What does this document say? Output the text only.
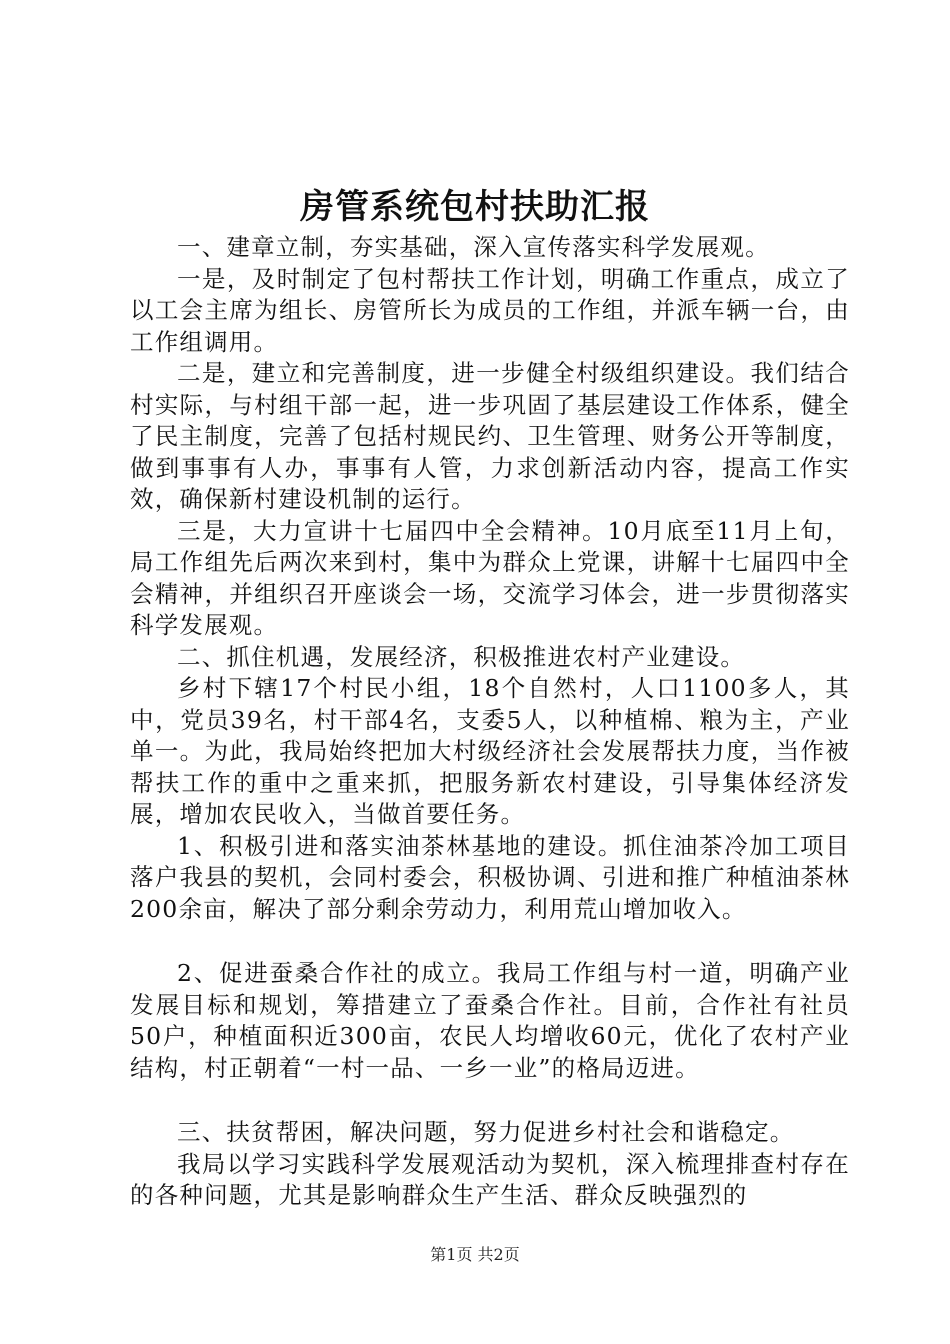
房管系统包村扶助汇报

一、建章立制，夯实基础，深入宣传落实科学发展观。

一是，及时制定了包村帮扶工作计划，明确工作重点，成立了以工会主席为组长、房管所长为成员的工作组，并派车辆一台，由工作组调用。

二是，建立和完善制度，进一步健全村级组织建设。我们结合村实际，与村组干部一起，进一步巩固了基层建设工作体系，健全了民主制度，完善了包括村规民约、卫生管理、财务公开等制度，做到事事有人办，事事有人管，力求创新活动内容，提高工作实效，确保新村建设机制的运行。

三是，大力宣讲十七届四中全会精神。10月底至11月上旬，局工作组先后两次来到村，集中为群众上党课，讲解十七届四中全会精神，并组织召开座谈会一场，交流学习体会，进一步贯彻落实科学发展观。

二、抓住机遇，发展经济，积极推进农村产业建设。

乡村下辖17个村民小组，18个自然村，人口1100多人，其中，党员39名，村干部4名，支委5人，以种植棉、粮为主，产业单一。为此，我局始终把加大村级经济社会发展帮扶力度，当作被帮扶工作的重中之重来抓，把服务新农村建设，引导集体经济发展，增加农民收入，当做首要任务。

1、积极引进和落实油茶林基地的建设。抓住油茶冷加工项目落户我县的契机，会同村委会，积极协调、引进和推广种植油茶林200余亩，解决了部分剩余劳动力，利用荒山增加收入。

2、促进蚕桑合作社的成立。我局工作组与村一道，明确产业发展目标和规划，筹措建立了蚕桑合作社。目前，合作社有社员50户，种植面积近300亩，农民人均增收60元，优化了农村产业结构，村正朝着“一村一品、一乡一业”的格局迈进。

三、扶贫帮困，解决问题，努力促进乡村社会和谐稳定。

我局以学习实践科学发展观活动为契机，深入梳理排查村存在的各种问题，尤其是影响群众生产生活、群众反映强烈的

第1页 共2页
